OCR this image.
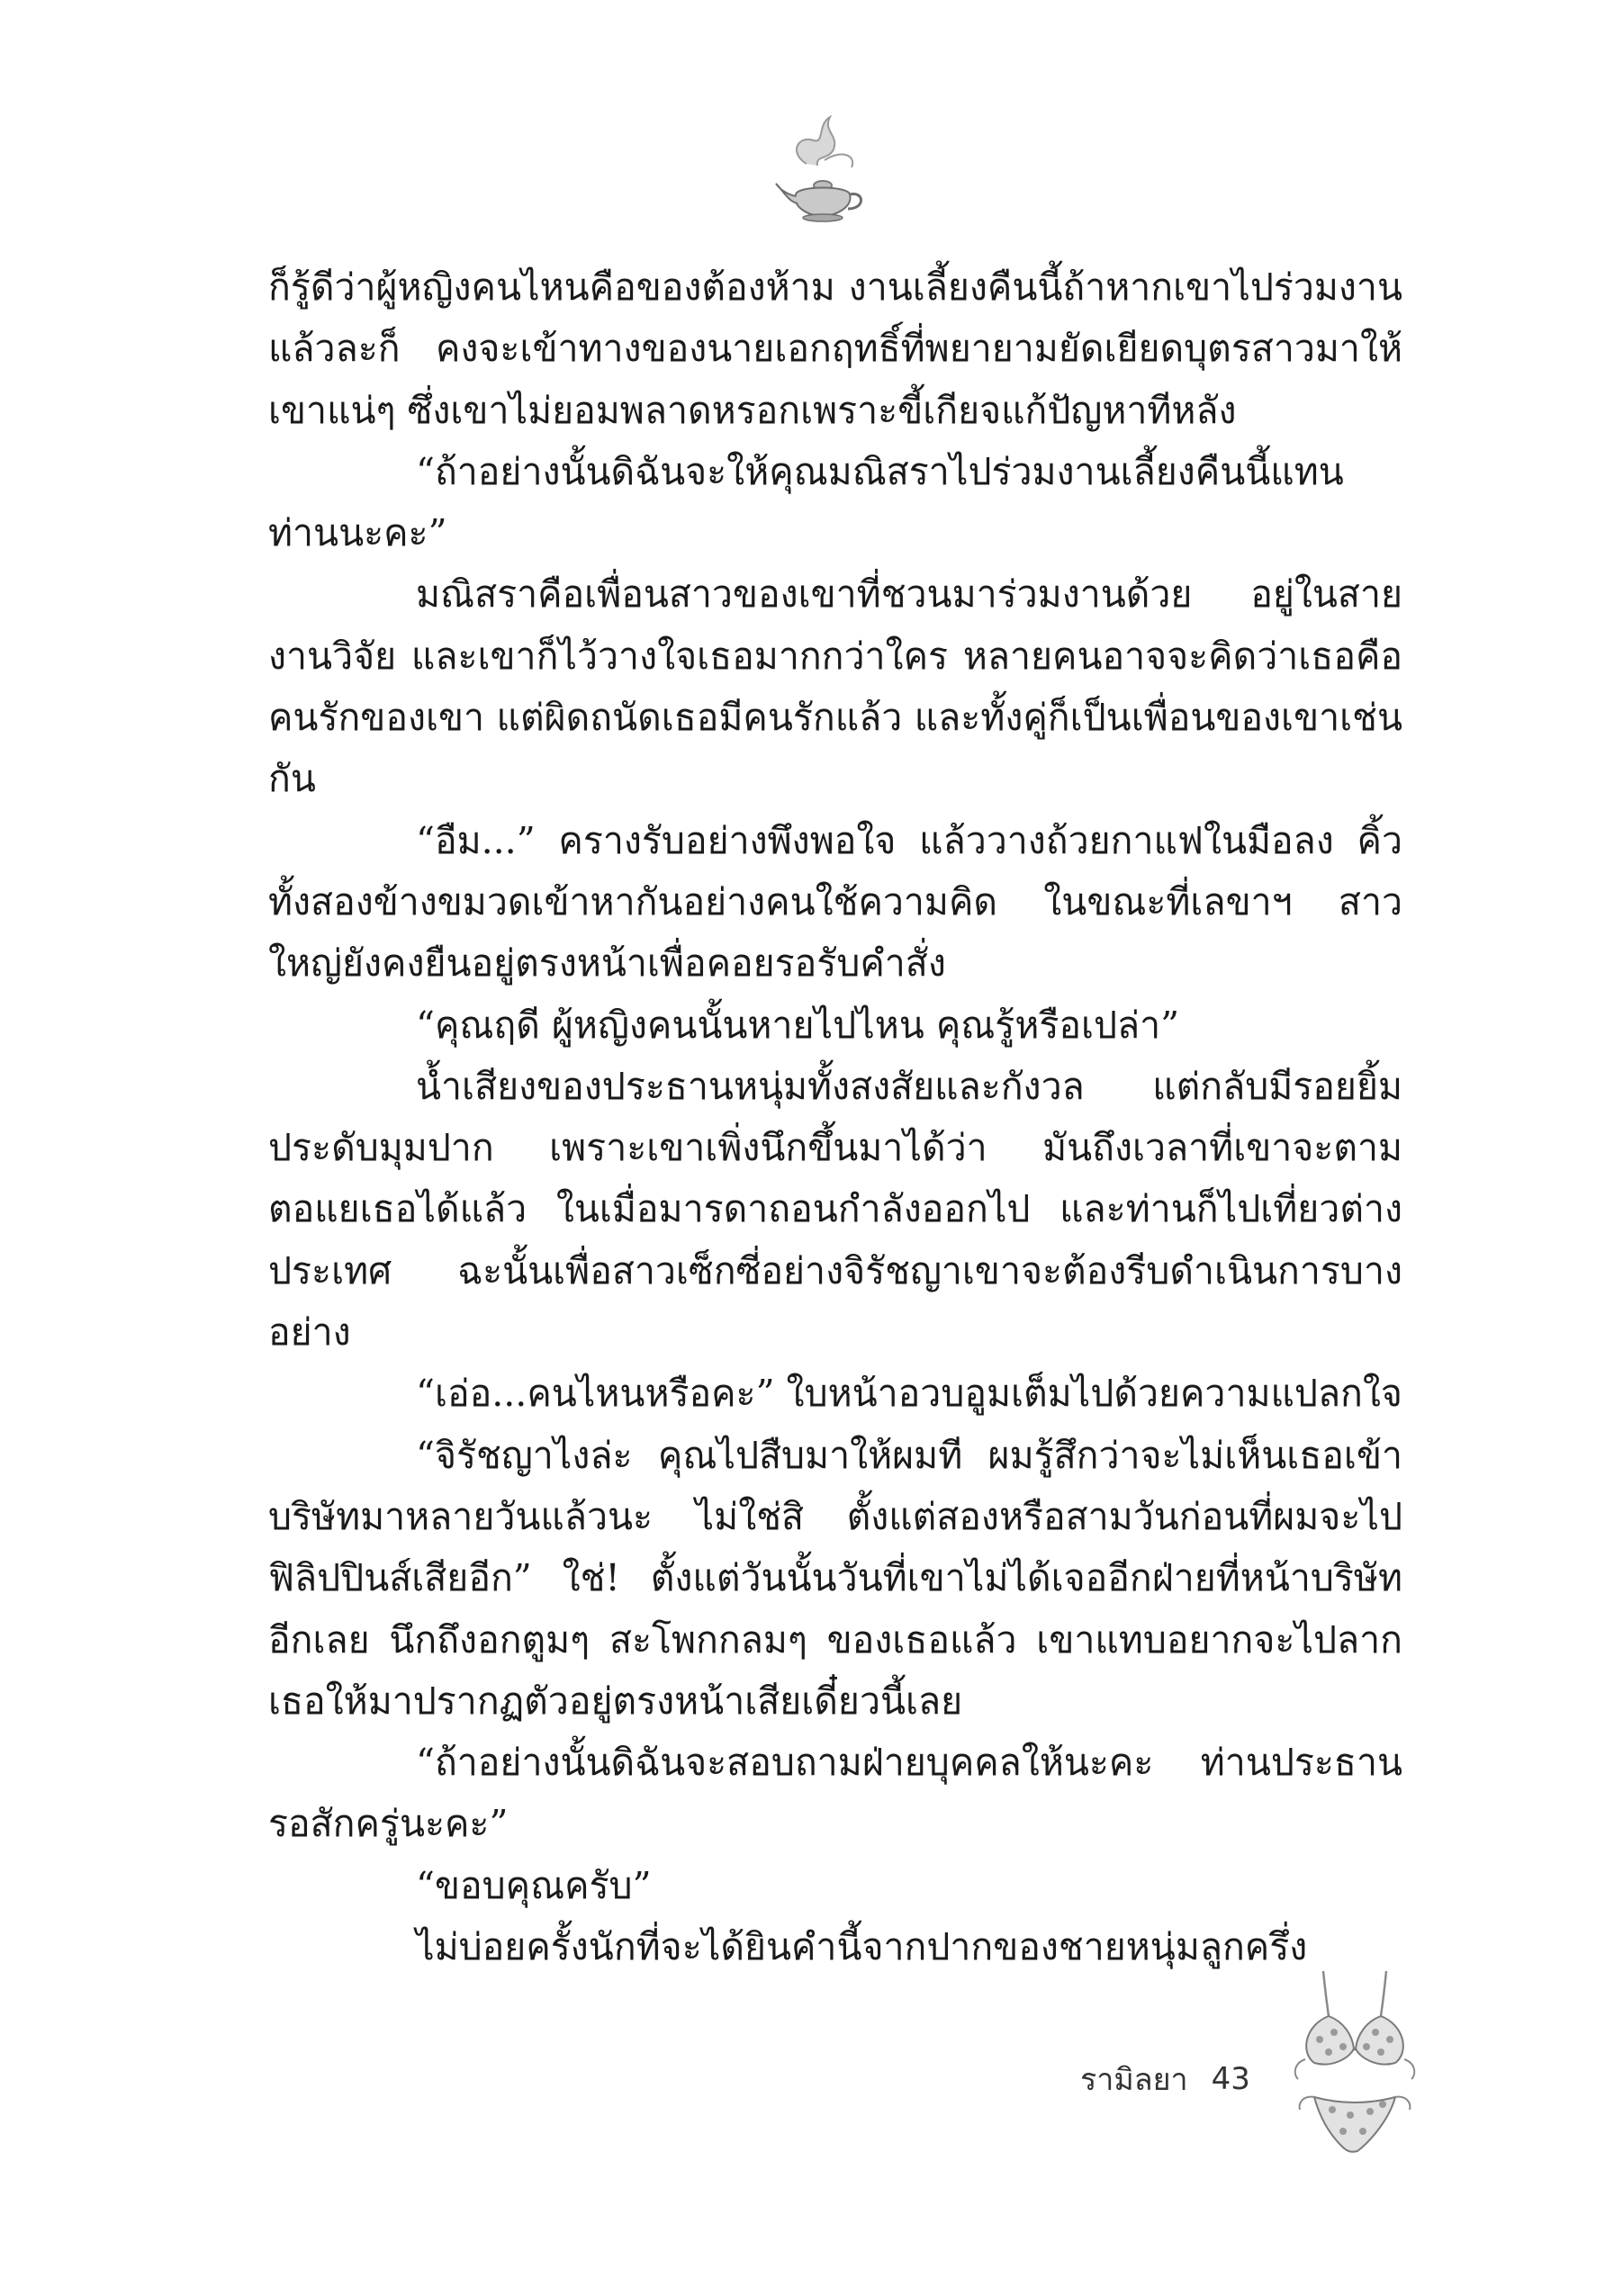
ก็รู้ดีว่าผู้หญิงคนไหนคือของต้องห้าม งานเลี้ยงคืนนี้ถ้าหากเขาไปร่วมงานแล้วละก็ คงจะเข้าทางของนายเอกฤทธิ์ที่พยายามยัดเยียดบุตรสาวมาให้เขาแน่ๆ ซึ่งเขาไม่ยอมพลาดหรอกเพราะขี้เกียจแก้ปัญหาทีหลัง

“ถ้าอย่างนั้นดิฉันจะให้คุณมณิสราไปร่วมงานเลี้ยงคืนนี้แทนท่านนะคะ”

มณิสราคือเพื่อนสาวของเขาที่ชวนมาร่วมงานด้วย อยู่ในสายงานวิจัย และเขาก็ไว้วางใจเธอมากกว่าใคร หลายคนอาจจะคิดว่าเธอคือคนรักของเขา แต่ผิดถนัดเธอมีคนรักแล้ว และทั้งคู่ก็เป็นเพื่อนของเขาเช่นกัน

“อืม...” ครางรับอย่างพึงพอใจ แล้ววางถ้วยกาแฟในมือลง คิ้วทั้งสองข้างขมวดเข้าหากันอย่างคนใช้ความคิด ในขณะที่เลขาฯ สาวใหญ่ยังคงยืนอยู่ตรงหน้าเพื่อคอยรอรับคำสั่ง

“คุณฤดี ผู้หญิงคนนั้นหายไปไหน คุณรู้หรือเปล่า”

น้ำเสียงของประธานหนุ่มทั้งสงสัยและกังวล แต่กลับมีรอยยิ้มประดับมุมปาก เพราะเขาเพิ่งนึกขึ้นมาได้ว่า มันถึงเวลาที่เขาจะตามตอแยเธอได้แล้ว ในเมื่อมารดาถอนกำลังออกไป และท่านก็ไปเที่ยวต่างประเทศ ฉะนั้นเพื่อสาวเซ็กซี่อย่างจิรัชญาเขาจะต้องรีบดำเนินการบางอย่าง

“เอ่อ...คนไหนหรือคะ” ใบหน้าอวบอูมเต็มไปด้วยความแปลกใจ

“จิรัชญาไงล่ะ คุณไปสืบมาให้ผมที ผมรู้สึกว่าจะไม่เห็นเธอเข้าบริษัทมาหลายวันแล้วนะ ไม่ใช่สิ ตั้งแต่สองหรือสามวันก่อนที่ผมจะไปฟิลิปปินส์เสียอีก” ใช่! ตั้งแต่วันนั้นวันที่เขาไม่ได้เจออีกฝ่ายที่หน้าบริษัทอีกเลย นึกถึงอกตูมๆ สะโพกกลมๆ ของเธอแล้ว เขาแทบอยากจะไปลากเธอให้มาปรากฏตัวอยู่ตรงหน้าเสียเดี๋ยวนี้เลย

“ถ้าอย่างนั้นดิฉันจะสอบถามฝ่ายบุคคลให้นะคะ ท่านประธานรอสักครู่นะคะ”

“ขอบคุณครับ”

ไม่บ่อยครั้งนักที่จะได้ยินคำนี้จากปากของชายหนุ่มลูกครึ่ง

รามิลยา 43
